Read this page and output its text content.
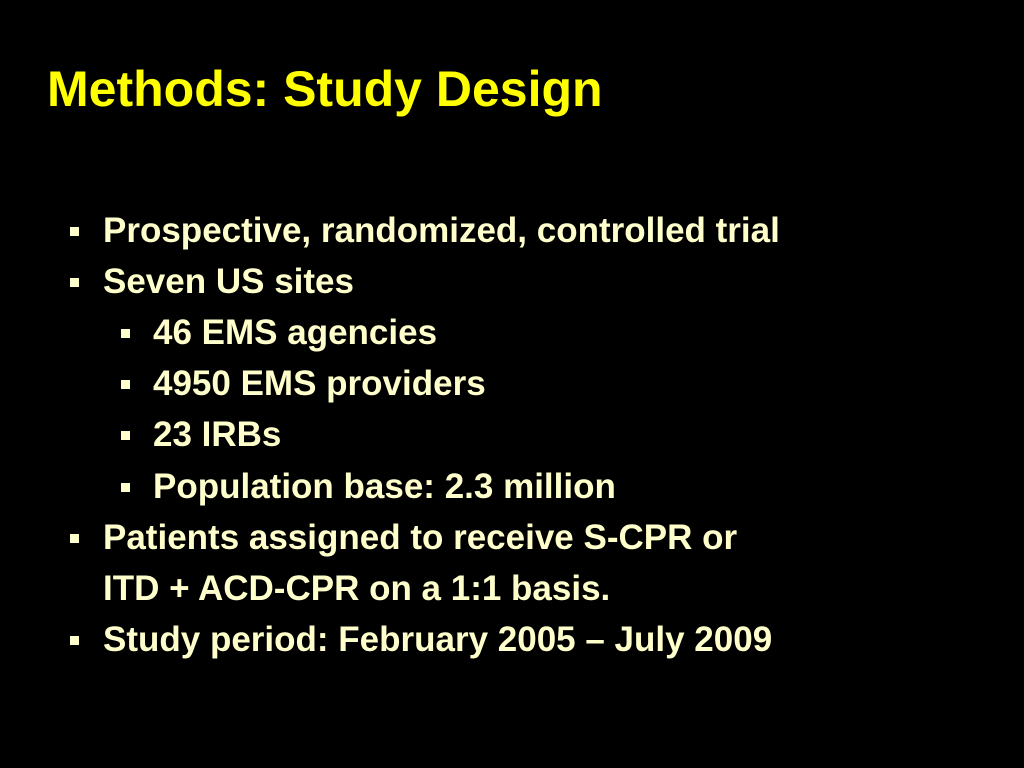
Methods: Study Design
Prospective, randomized, controlled trial
Seven US sites
46 EMS agencies
4950 EMS providers
23 IRBs
Population base: 2.3 million
Patients assigned to receive S-CPR or
ITD + ACD-CPR on a 1:1 basis.
Study period: February 2005 – July 2009
